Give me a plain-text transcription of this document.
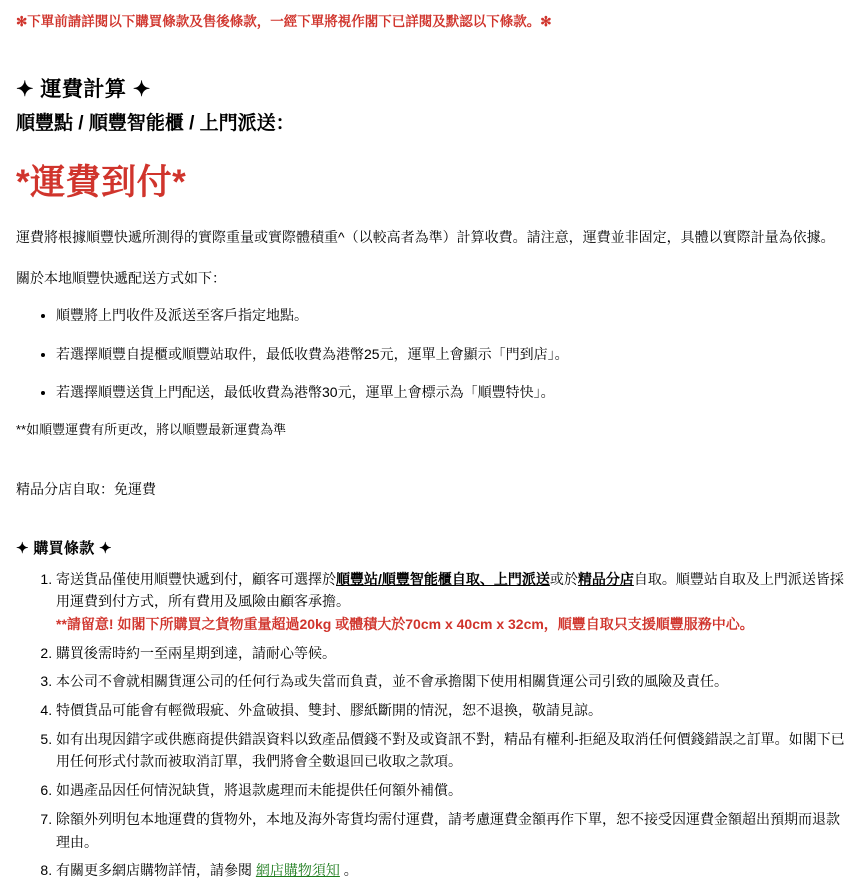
✻下單前請詳閱以下購買條款及售後條款，一經下單將視作閣下已詳閱及默認以下條款。✻

✦ 運費計算 ✦
順豐點 / 順豐智能櫃 / 上門派送：
*運費到付*

運費將根據順豐快遞所測得的實際重量或實際體積重^（以較高者為準）計算收費。請注意，運費並非固定，具體以實際計量為依據。

關於本地順豐快遞配送方式如下：

• 順豐將上門收件及派送至客戶指定地點。
• 若選擇順豐自提櫃或順豐站取件，最低收費為港幣25元，運單上會顯示「門到店」。
• 若選擇順豐送貨上門配送，最低收費為港幣30元，運單上會標示為「順豐特快」。

**如順豐運費有所更改，將以順豐最新運費為準

精品分店自取：免運費

✦ 購買條款 ✦
1. 寄送貨品僅使用順豐快遞到付，顧客可選擇於順豐站/順豐智能櫃自取、上門派送或於精品分店自取。順豐站自取及上門派送皆採用運費到付方式，所有費用及風險由顧客承擔。
**請留意! 如閣下所購買之貨物重量超過20kg 或體積大於70cm x 40cm x 32cm，順豐自取只支援順豐服務中心。
2. 購買後需時約一至兩星期到達，請耐心等候。
3. 本公司不會就相關貨運公司的任何行為或失當而負責，並不會承擔閣下使用相關貨運公司引致的風險及責任。
4. 特價貨品可能會有輕微瑕疵、外盒破損、雙封、膠紙斷開的情況，恕不退換，敬請見諒。
5. 如有出現因錯字或供應商提供錯誤資料以致產品價錢不對及或資訊不對，精品有權利-拒絕及取消任何價錢錯誤之訂單。如閣下已用任何形式付款而被取消訂單，我們將會全數退回已收取之款項。
6. 如遇產品因任何情況缺貨，將退款處理而未能提供任何額外補償。
7. 除額外列明包本地運費的貨物外，本地及海外寄貨均需付運費，請考慮運費金額再作下單，恕不接受因運費金額超出預期而退款理由。
8. 有關更多網店購物詳情，請參閱 網店購物須知 。
